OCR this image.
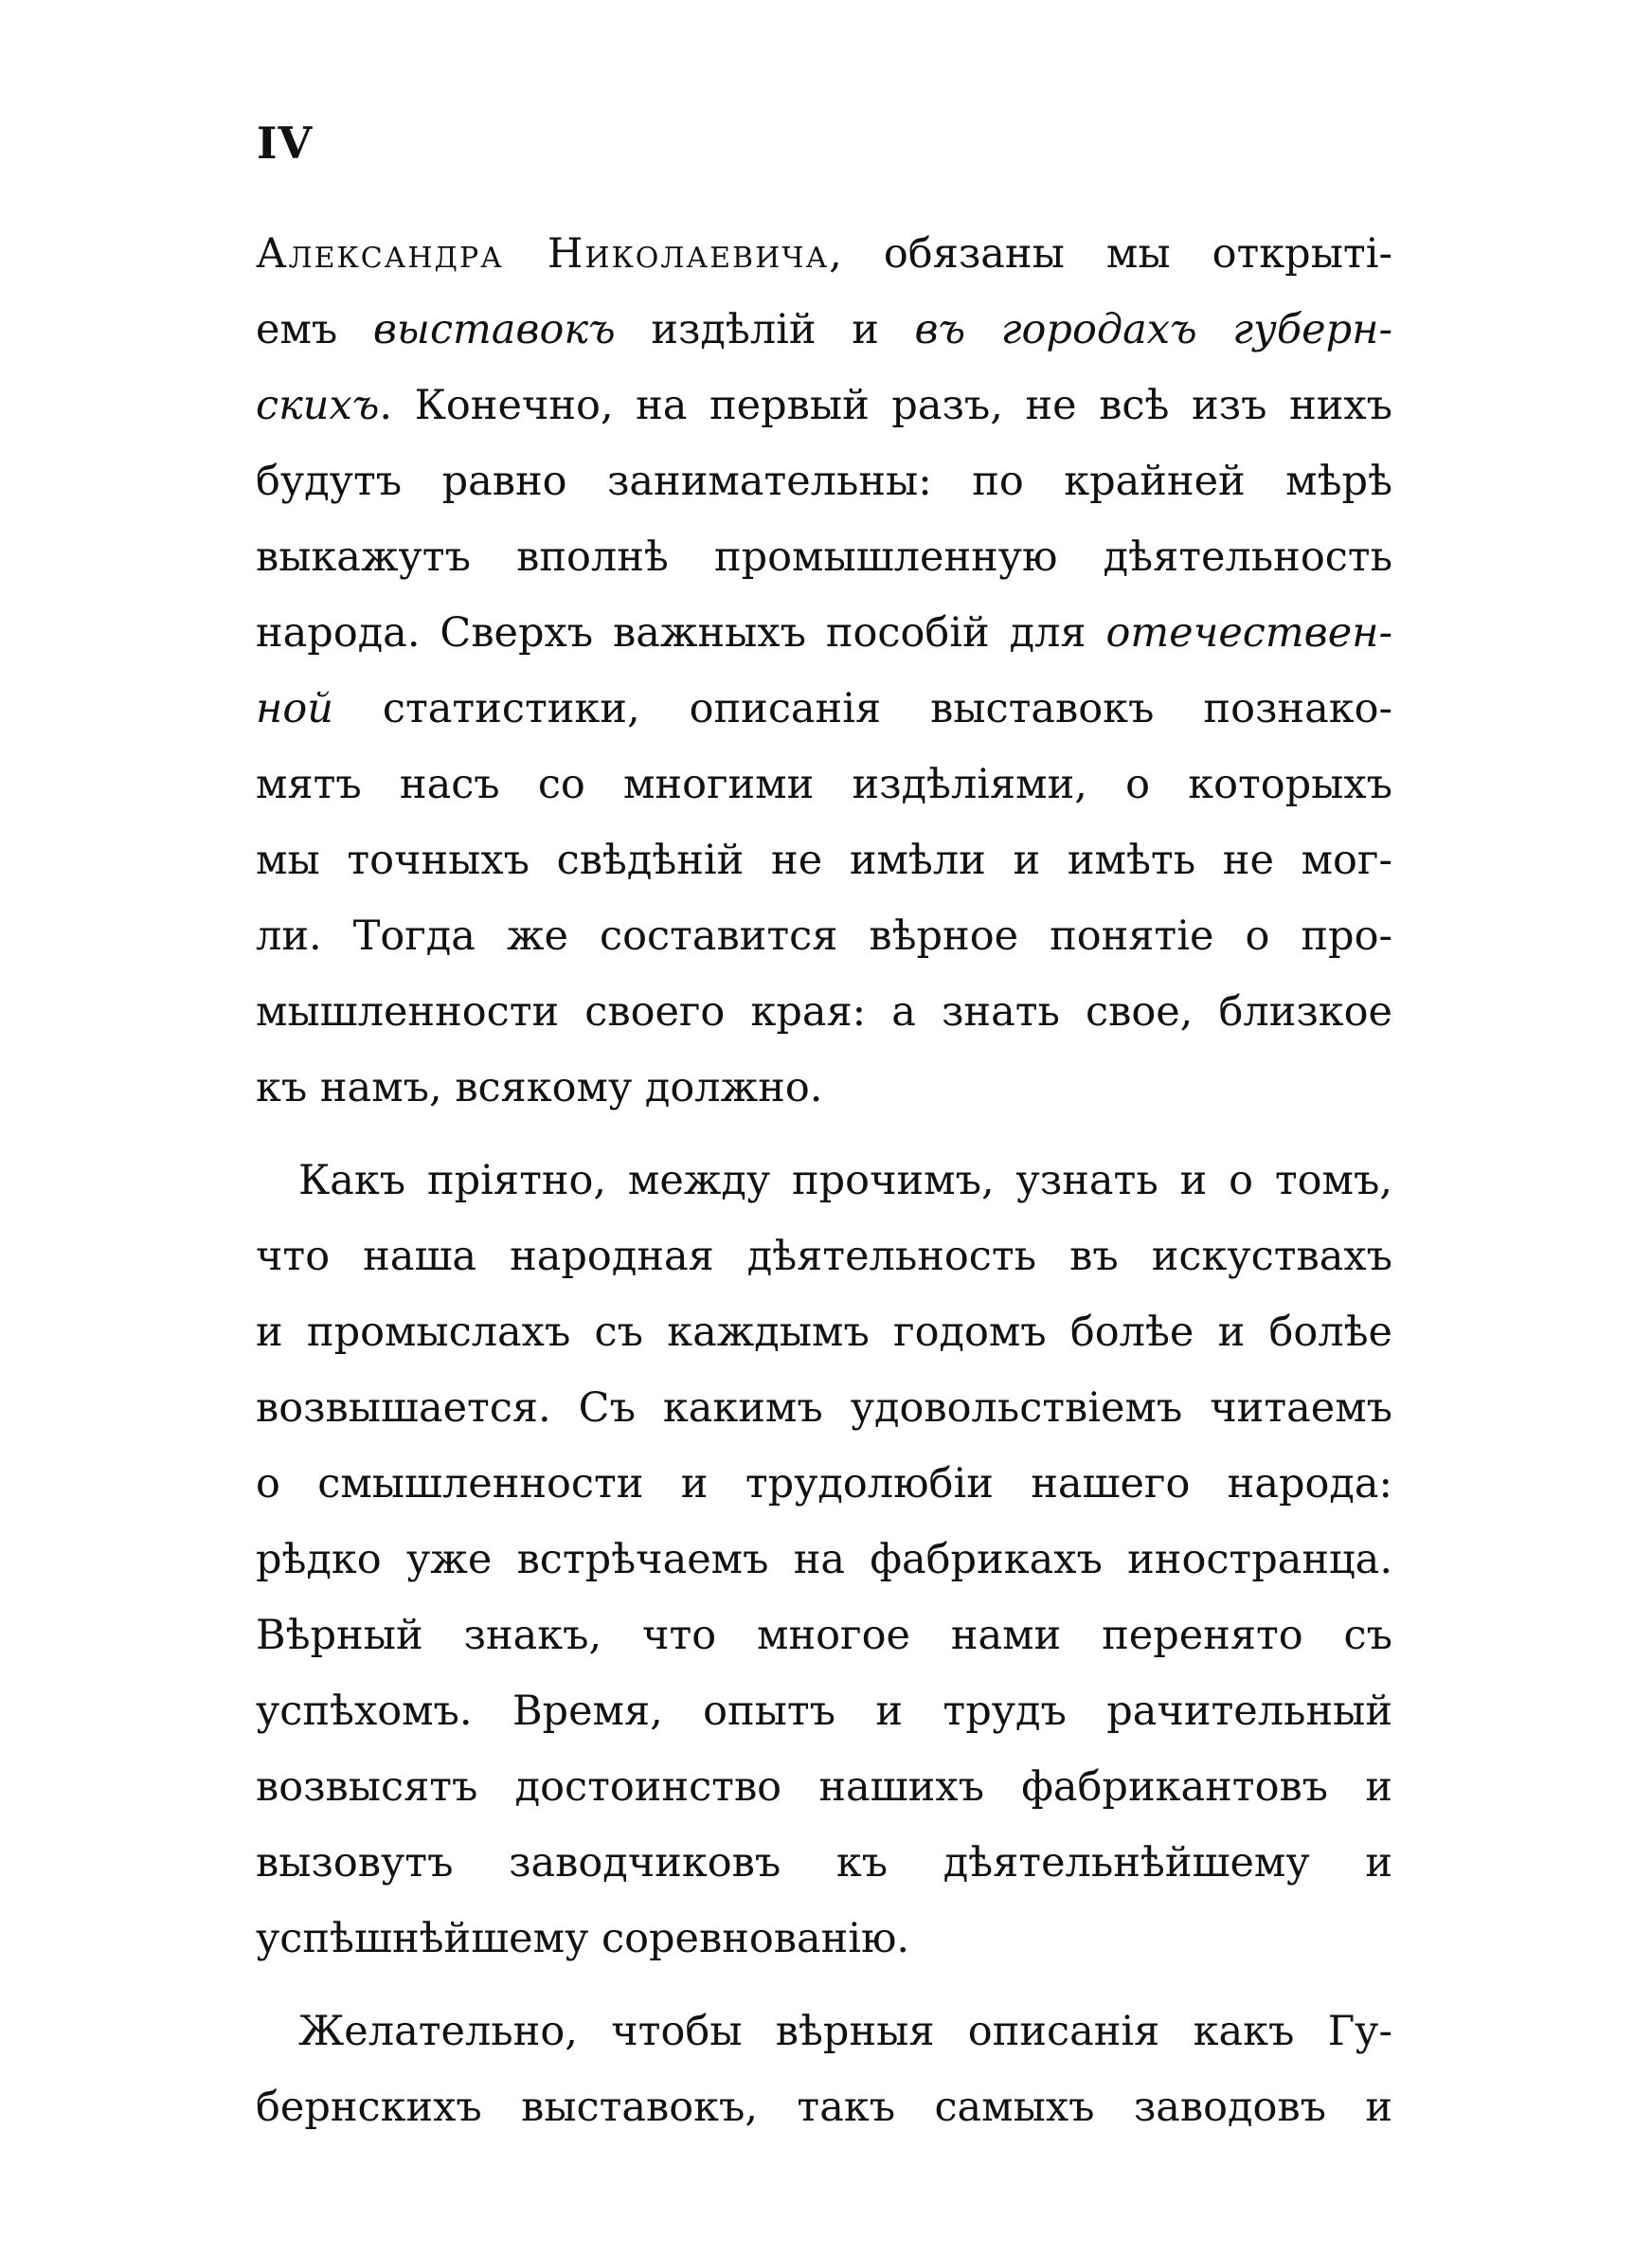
IV
Александра Николаевича, обязаны мы открыті-
емъ выставокъ издѣлій и въ городахъ губерн-
скихъ. Конечно, на первый разъ, не всѣ изъ нихъ
будутъ равно занимательны: по крайней мѣрѣ
выкажутъ вполнѣ промышленную дѣятельность
народа. Сверхъ важныхъ пособій для отечествен-
ной статистики, описанія выставокъ познако-
мятъ насъ со многими издѣліями, о которыхъ
мы точныхъ свѣдѣній не имѣли и имѣть не мог-
ли. Тогда же составится вѣрное понятіе о про-
мышленности своего края: а знать свое, близкое
къ намъ, всякому должно.
Какъ пріятно, между прочимъ, узнать и о томъ,
что наша народная дѣятельность въ искуствахъ
и промыслахъ съ каждымъ годомъ болѣе и болѣе
возвышается. Съ какимъ удовольствіемъ читаемъ
о смышленности и трудолюбіи нашего народа:
рѣдко уже встрѣчаемъ на фабрикахъ иностранца.
Вѣрный знакъ, что многое нами перенято съ
успѣхомъ. Время, опытъ и трудъ рачительный
возвысятъ достоинство нашихъ фабрикантовъ и
вызовутъ заводчиковъ къ дѣятельнѣйшему и
успѣшнѣйшему соревнованію.
Желательно, чтобы вѣрныя описанія какъ Гу-
бернскихъ выставокъ, такъ самыхъ заводовъ и
